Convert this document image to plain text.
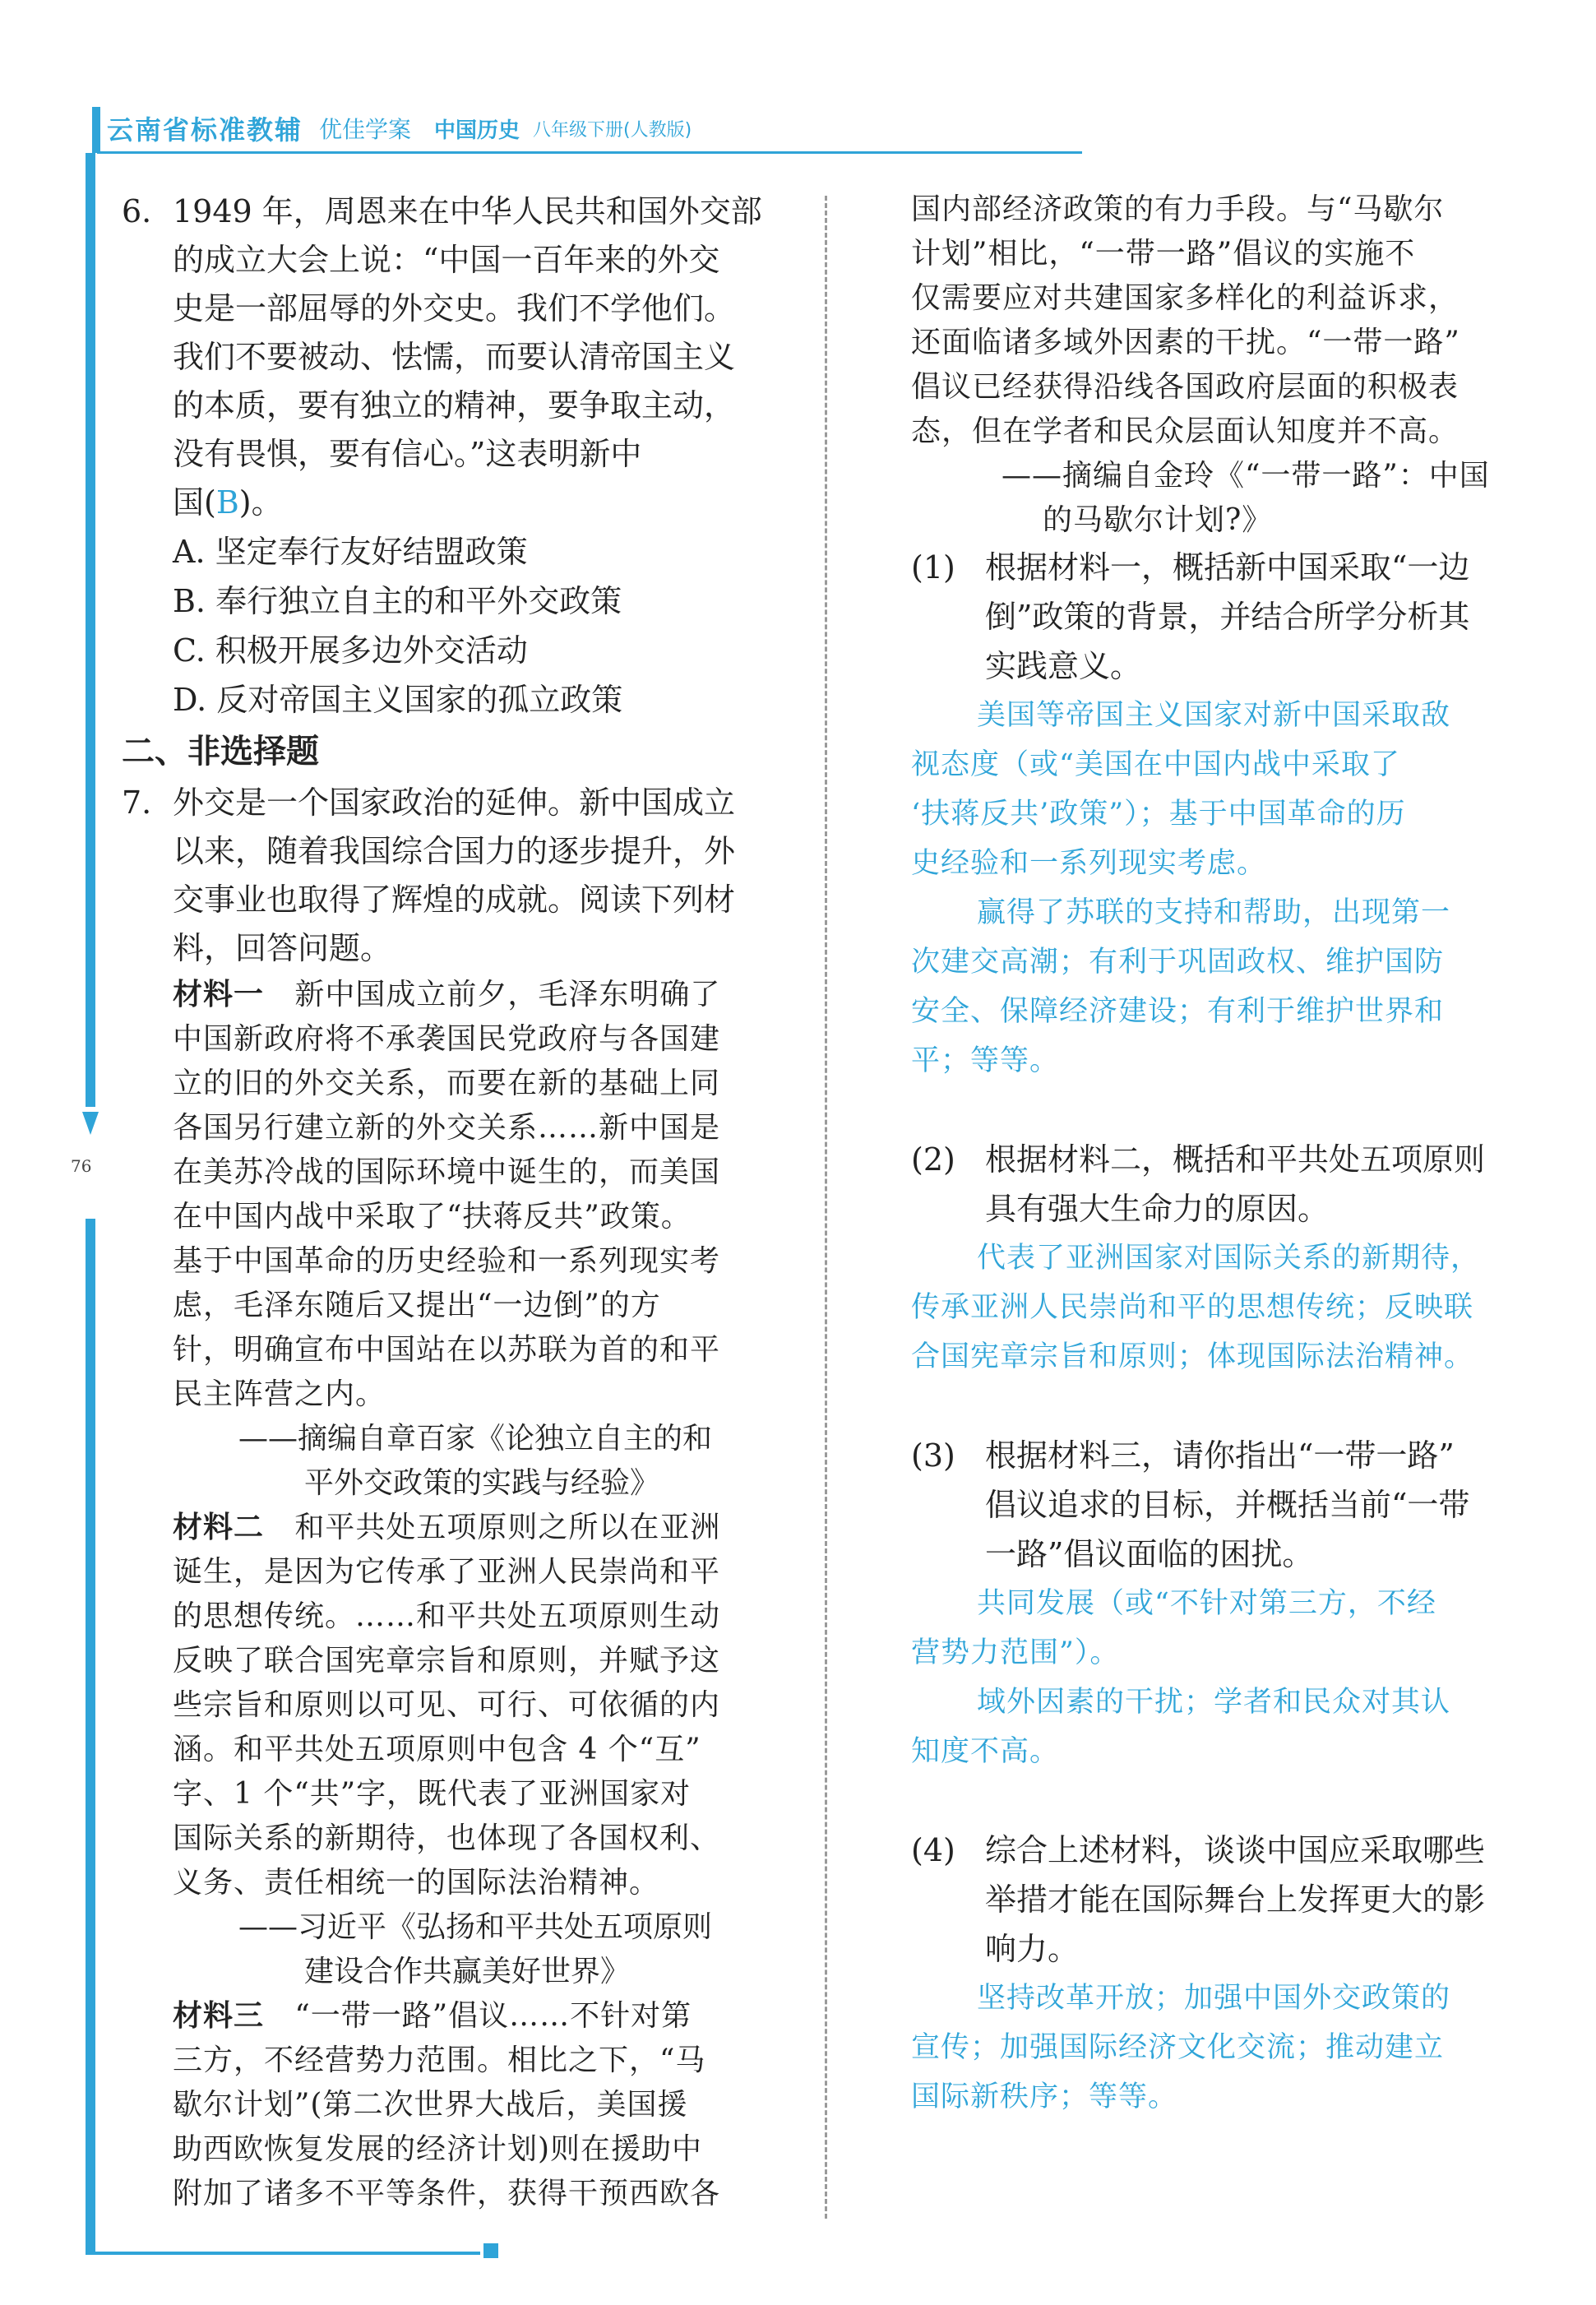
云南省标准教辅 优佳学案 中国历史 八年级下册(人教版)
76
6. 1949 年，周恩来在中华人民共和国外交部
的成立大会上说：“中国一百年来的外交
史是一部屈辱的外交史。我们不学他们。
我们不要被动、怯懦，而要认清帝国主义
的本质，要有独立的精神，要争取主动，
没有畏惧，要有信心。”这表明新中
国(B)。
A. 坚定奉行友好结盟政策
B. 奉行独立自主的和平外交政策
C. 积极开展多边外交活动
D. 反对帝国主义国家的孤立政策
二、非选择题
7. 外交是一个国家政治的延伸。新中国成立
以来，随着我国综合国力的逐步提升，外
交事业也取得了辉煌的成就。阅读下列材
料，回答问题。
材料一 新中国成立前夕，毛泽东明确了
中国新政府将不承袭国民党政府与各国建
立的旧的外交关系，而要在新的基础上同
各国另行建立新的外交关系……新中国是
在美苏冷战的国际环境中诞生的，而美国
在中国内战中采取了“扶蒋反共”政策。
基于中国革命的历史经验和一系列现实考
虑，毛泽东随后又提出“一边倒”的方
针，明确宣布中国站在以苏联为首的和平
民主阵营之内。
——摘编自章百家《论独立自主的和
平外交政策的实践与经验》
材料二 和平共处五项原则之所以在亚洲
诞生，是因为它传承了亚洲人民崇尚和平
的思想传统。……和平共处五项原则生动
反映了联合国宪章宗旨和原则，并赋予这
些宗旨和原则以可见、可行、可依循的内
涵。和平共处五项原则中包含 4 个“互”
字、1 个“共”字，既代表了亚洲国家对
国际关系的新期待，也体现了各国权利、
义务、责任相统一的国际法治精神。
——习近平《弘扬和平共处五项原则
建设合作共赢美好世界》
材料三 “一带一路”倡议……不针对第
三方，不经营势力范围。相比之下，“马
歇尔计划”(第二次世界大战后，美国援
助西欧恢复发展的经济计划)则在援助中
附加了诸多不平等条件，获得干预西欧各
国内部经济政策的有力手段。与“马歇尔
计划”相比，“一带一路”倡议的实施不
仅需要应对共建国家多样化的利益诉求，
还面临诸多域外因素的干扰。“一带一路”
倡议已经获得沿线各国政府层面的积极表
态，但在学者和民众层面认知度并不高。
——摘编自金玲《“一带一路”：中国
的马歇尔计划?》
(1) 根据材料一，概括新中国采取“一边
倒”政策的背景，并结合所学分析其
实践意义。
美国等帝国主义国家对新中国采取敌
视态度（或“美国在中国内战中采取了
‘扶蒋反共’政策”）；基于中国革命的历
史经验和一系列现实考虑。
赢得了苏联的支持和帮助，出现第一
次建交高潮；有利于巩固政权、维护国防
安全、保障经济建设；有利于维护世界和
平；等等。
(2) 根据材料二，概括和平共处五项原则
具有强大生命力的原因。
代表了亚洲国家对国际关系的新期待，
传承亚洲人民崇尚和平的思想传统；反映联
合国宪章宗旨和原则；体现国际法治精神。
(3) 根据材料三，请你指出“一带一路”
倡议追求的目标，并概括当前“一带
一路”倡议面临的困扰。
共同发展（或“不针对第三方，不经
营势力范围”）。
域外因素的干扰；学者和民众对其认
知度不高。
(4) 综合上述材料，谈谈中国应采取哪些
举措才能在国际舞台上发挥更大的影
响力。
坚持改革开放；加强中国外交政策的
宣传；加强国际经济文化交流；推动建立
国际新秩序；等等。
